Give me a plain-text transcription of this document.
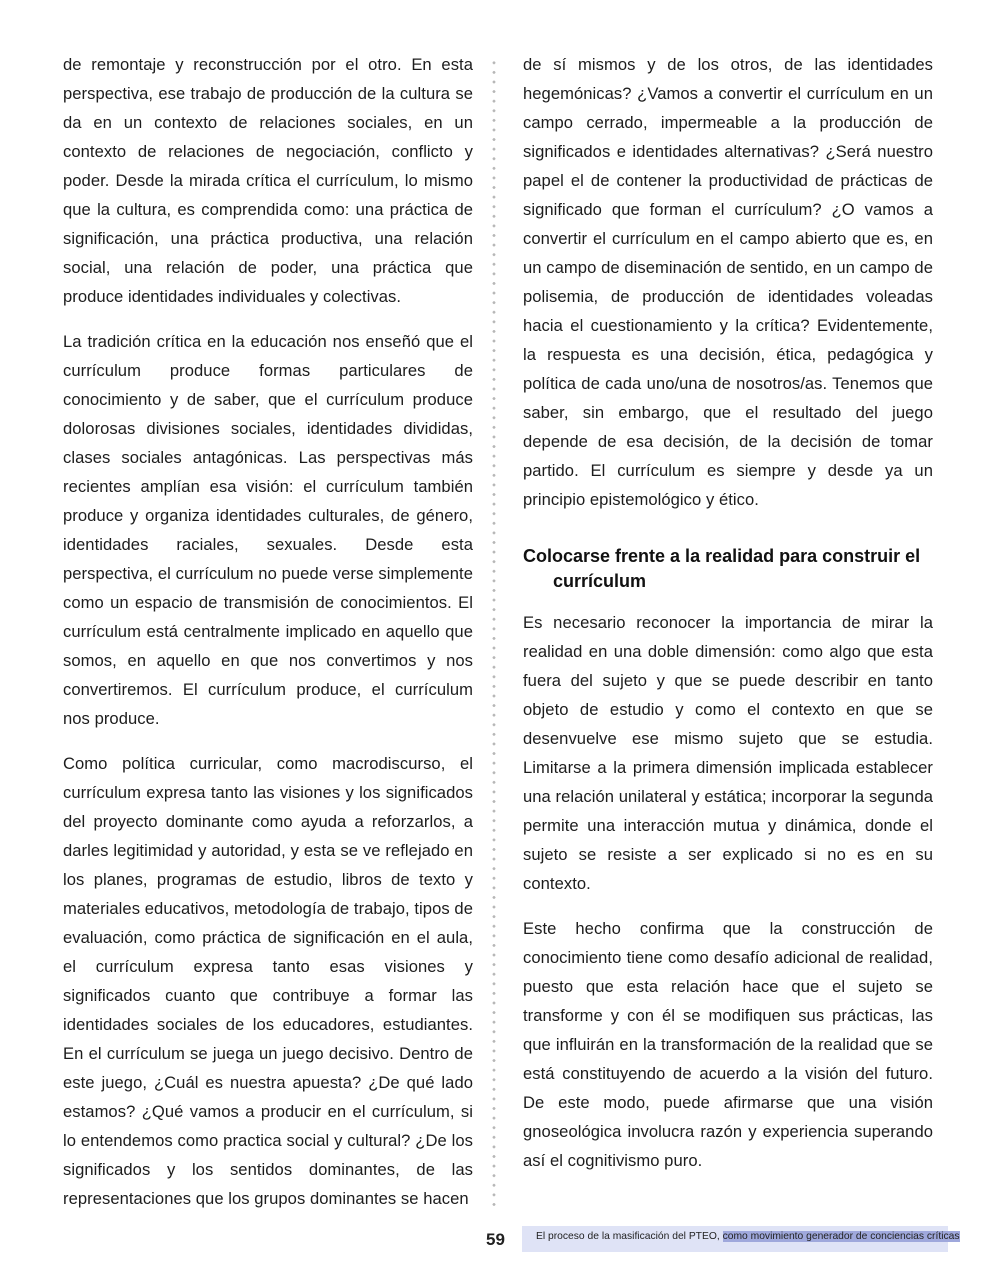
de remontaje y reconstrucción por el otro. En esta perspectiva, ese trabajo de producción de la cultura se da en un contexto de relaciones sociales, en un contexto de relaciones de negociación, conflicto y poder. Desde la mirada crítica el currículum, lo mismo que la cultura, es comprendida como: una práctica de significación, una práctica productiva, una relación social, una relación de poder, una práctica que produce identidades individuales y colectivas.

La tradición crítica en la educación nos enseñó que el currículum produce formas particulares de conocimiento y de saber, que el currículum produce dolorosas divisiones sociales, identidades divididas, clases sociales antagónicas. Las perspectivas más recientes amplían esa visión: el currículum también produce y organiza identidades culturales, de género, identidades raciales, sexuales. Desde esta perspectiva, el currículum no puede verse simplemente como un espacio de transmisión de conocimientos. El currículum está centralmente implicado en aquello que somos, en aquello en que nos convertimos y nos convertiremos. El currículum produce, el currículum nos produce.

Como política curricular, como macrodiscurso, el currículum expresa tanto las visiones y los significados del proyecto dominante como ayuda a reforzarlos, a darles legitimidad y autoridad, y esta se ve reflejado en los planes, programas de estudio, libros de texto y materiales educativos, metodología de trabajo, tipos de evaluación, como práctica de significación en el aula, el currículum expresa tanto esas visiones y significados cuanto que contribuye a formar las identidades sociales de los educadores, estudiantes. En el currículum se juega un juego decisivo. Dentro de este juego, ¿Cuál es nuestra apuesta? ¿De qué lado estamos? ¿Qué vamos a producir en el currículum, si lo entendemos como practica social y cultural? ¿De los significados y los sentidos dominantes, de las representaciones que los grupos dominantes se hacen

de sí mismos y de los otros, de las identidades hegemónicas? ¿Vamos a convertir el currículum en un campo cerrado, impermeable a la producción de significados e identidades alternativas? ¿Será nuestro papel el de contener la productividad de prácticas de significado que forman el currículum? ¿O vamos a convertir el currículum en el campo abierto que es, en un campo de diseminación de sentido, en un campo de polisemia, de producción de identidades voleadas hacia el cuestionamiento y la crítica? Evidentemente, la respuesta es una decisión, ética, pedagógica y política de cada uno/una de nosotros/as. Tenemos que saber, sin embargo, que el resultado del juego depende de esa decisión, de la decisión de tomar partido. El currículum es siempre y desde ya un principio epistemológico y ético.

Colocarse frente a la realidad para construir el currículum

Es necesario reconocer la importancia de mirar la realidad en una doble dimensión: como algo que esta fuera del sujeto y que se puede describir en tanto objeto de estudio y como el contexto en que se desenvuelve ese mismo sujeto que se estudia. Limitarse a la primera dimensión implicada establecer una relación unilateral y estática; incorporar la segunda permite una interacción mutua y dinámica, donde el sujeto se resiste a ser explicado si no es en su contexto.

Este hecho confirma que la construcción de conocimiento tiene como desafío adicional de realidad, puesto que esta relación hace que el sujeto se transforme y con él se modifiquen sus prácticas, las que influirán en la transformación de la realidad que se está constituyendo de acuerdo a la visión del futuro. De este modo, puede afirmarse que una visión gnoseológica involucra razón y experiencia superando así el cognitivismo puro.

59	El proceso de la masificación del PTEO, como movimiento generador de conciencias críticas
